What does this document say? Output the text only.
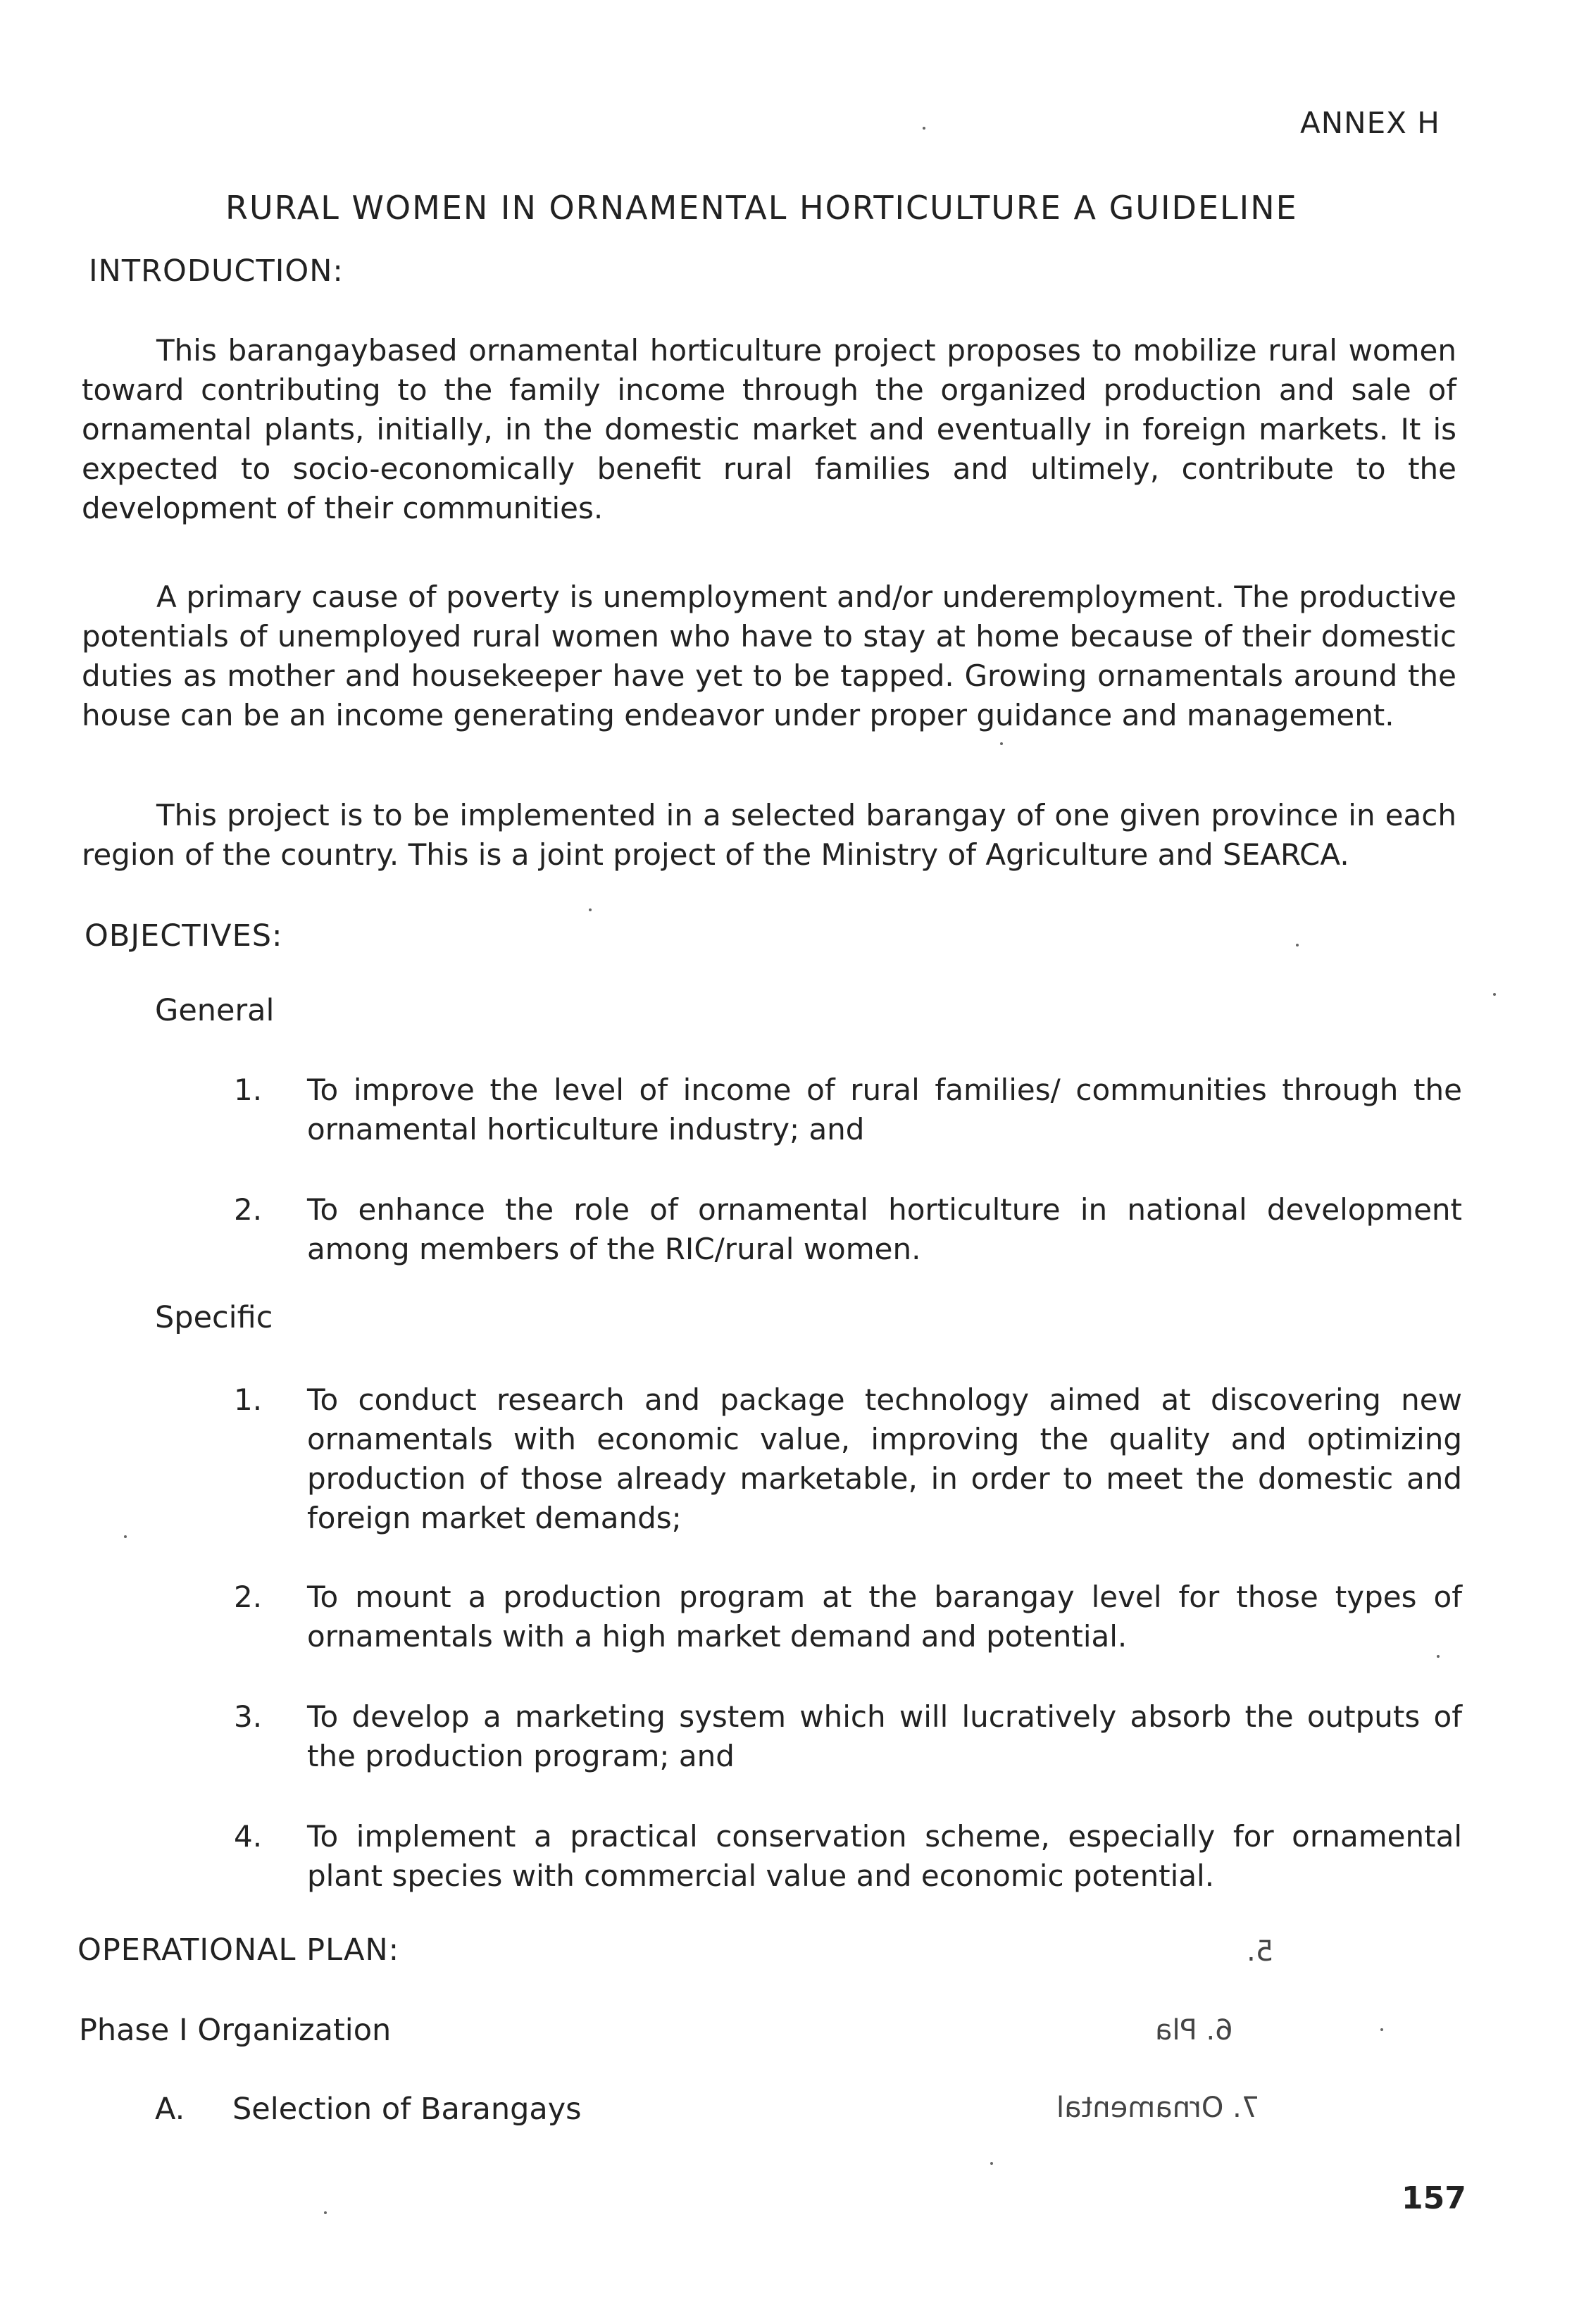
ANNEX H
RURAL WOMEN IN ORNAMENTAL HORTICULTURE A GUIDELINE
INTRODUCTION:

This barangaybased ornamental horticulture project proposes to mobilize rural women toward contributing to the family income through the organized production and sale of ornamental plants, initially, in the domestic market and eventually in foreign markets. It is expected to socio-economically benefit rural families and ultimely, contribute to the development of their communities.

A primary cause of poverty is unemployment and/or underemployment. The productive potentials of unemployed rural women who have to stay at home because of their domestic duties as mother and housekeeper have yet to be tapped. Growing ornamentals around the house can be an income generating endeavor under proper guidance and management.

This project is to be implemented in a selected barangay of one given province in each region of the country. This is a joint project of the Ministry of Agriculture and SEARCA.

OBJECTIVES:
General
1. To improve the level of income of rural families/ communities through the ornamental horticulture industry; and
2. To enhance the role of ornamental horticulture in national development among members of the RIC/rural women.
Specific
1. To conduct research and package technology aimed at discovering new ornamentals with economic value, improving the quality and optimizing production of those already marketable, in order to meet the domestic and foreign market demands;
2. To mount a production program at the barangay level for those types of ornamentals with a high market demand and potential.
3. To develop a marketing system which will lucratively absorb the outputs of the production program; and
4. To implement a practical conservation scheme, especially for ornamental plant species with commercial value and economic potential.
OPERATIONAL PLAN:
Phase I Organization
A. Selection of Barangays
5.
6. Pla
7. Ornamental
157
